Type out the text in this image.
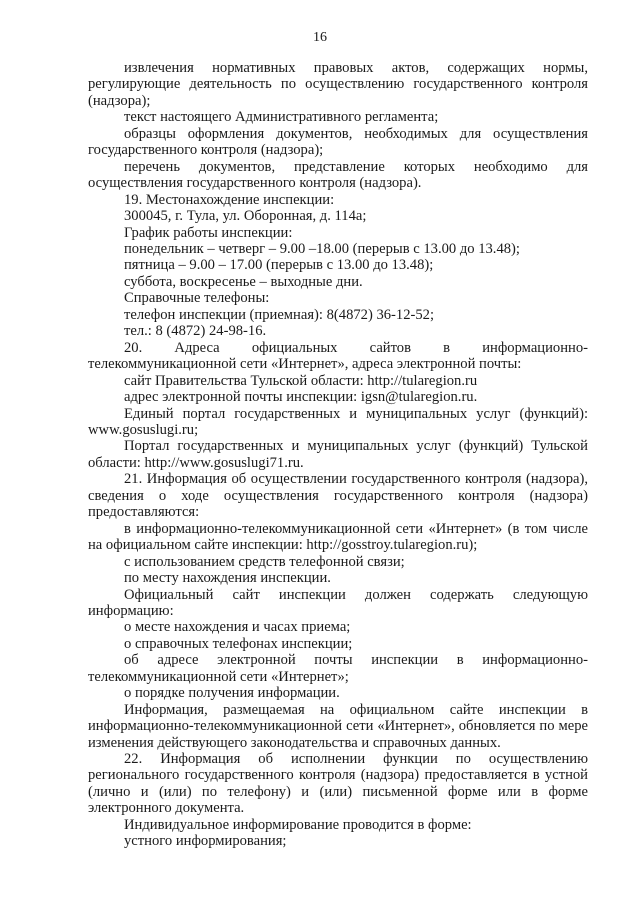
16

извлечения нормативных правовых актов, содержащих нормы, регулирующие деятельность по осуществлению государственного контроля (надзора);

текст настоящего Административного регламента;

образцы оформления документов, необходимых для осуществления государственного контроля (надзора);

перечень документов, представление которых необходимо для осуществления государственного контроля (надзора).

19. Местонахождение инспекции:

300045, г. Тула, ул. Оборонная, д. 114а;

График работы инспекции:

понедельник – четверг – 9.00 –18.00 (перерыв с 13.00 до 13.48);

пятница – 9.00 – 17.00 (перерыв с 13.00 до 13.48);

суббота, воскресенье – выходные дни.

Справочные телефоны:

телефон инспекции (приемная): 8(4872) 36-12-52;

тел.: 8 (4872) 24-98-16.

20. Адреса официальных сайтов в информационно-телекоммуникационной сети «Интернет», адреса электронной почты:

сайт Правительства Тульской области: http://tularegion.ru

адрес электронной почты инспекции: igsn@tularegion.ru.

Единый портал государственных и муниципальных услуг (функций): www.gosuslugi.ru;

Портал государственных и муниципальных услуг (функций) Тульской области: http://www.gosuslugi71.ru.

21. Информация об осуществлении государственного контроля (надзора), сведения о ходе осуществления государственного контроля (надзора) предоставляются:

в информационно-телекоммуникационной сети «Интернет» (в том числе на официальном сайте инспекции: http://gosstroy.tularegion.ru);

с использованием средств телефонной связи;

по месту нахождения инспекции.

Официальный сайт инспекции должен содержать следующую информацию:

о месте нахождения и часах приема;

о справочных телефонах инспекции;

об адресе электронной почты инспекции в информационно-телекоммуникационной сети «Интернет»;

о порядке получения информации.

Информация, размещаемая на официальном сайте инспекции в информационно-телекоммуникационной сети «Интернет», обновляется по мере изменения действующего законодательства и справочных данных.

22. Информация об исполнении функции по осуществлению регионального государственного контроля (надзора) предоставляется в устной (лично и (или) по телефону) и (или) письменной форме или в форме электронного документа.

Индивидуальное информирование проводится в форме:

устного информирования;
